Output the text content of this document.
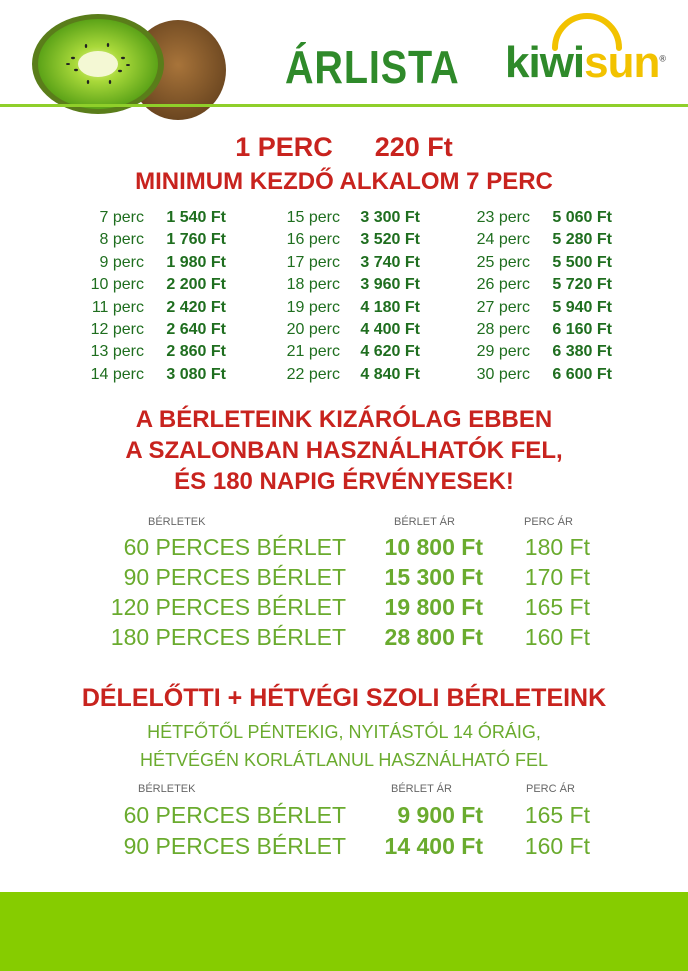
ÁRLISTA kiwisun®
1 PERC 220 Ft
MINIMUM KEZDŐ ALKALOM 7 PERC
7 perc	1 540 Ft
8 perc	1 760 Ft
9 perc	1 980 Ft
10 perc	2 200 Ft
11 perc	2 420 Ft
12 perc	2 640 Ft
13 perc	2 860 Ft
14 perc	3 080 Ft
15 perc	3 300 Ft
16 perc	3 520 Ft
17 perc	3 740 Ft
18 perc	3 960 Ft
19 perc	4 180 Ft
20 perc	4 400 Ft
21 perc	4 620 Ft
22 perc	4 840 Ft
23 perc	5 060 Ft
24 perc	5 280 Ft
25 perc	5 500 Ft
26 perc	5 720 Ft
27 perc	5 940 Ft
28 perc	6 160 Ft
29 perc	6 380 Ft
30 perc	6 600 Ft
A BÉRLETEINK KIZÁRÓLAG EBBEN
A SZALONBAN HASZNÁLHATÓK FEL,
ÉS 180 NAPIG ÉRVÉNYESEK!
BÉRLETEK	BÉRLET ÁR	PERC ÁR
60 PERCES BÉRLET 10 800 Ft 180 Ft
90 PERCES BÉRLET 15 300 Ft 170 Ft
120 PERCES BÉRLET 19 800 Ft 165 Ft
180 PERCES BÉRLET 28 800 Ft 160 Ft
DÉLELŐTTI + HÉTVÉGI SZOLI BÉRLETEINK
HÉTFŐTŐL PÉNTEKIG, NYITÁSTÓL 14 ÓRÁIG,
HÉTVÉGÉN KORLÁTLANUL HASZNÁLHATÓ FEL
BÉRLETEK	BÉRLET ÁR	PERC ÁR
60 PERCES BÉRLET 9 900 Ft 165 Ft
90 PERCES BÉRLET 14 400 Ft 160 Ft
